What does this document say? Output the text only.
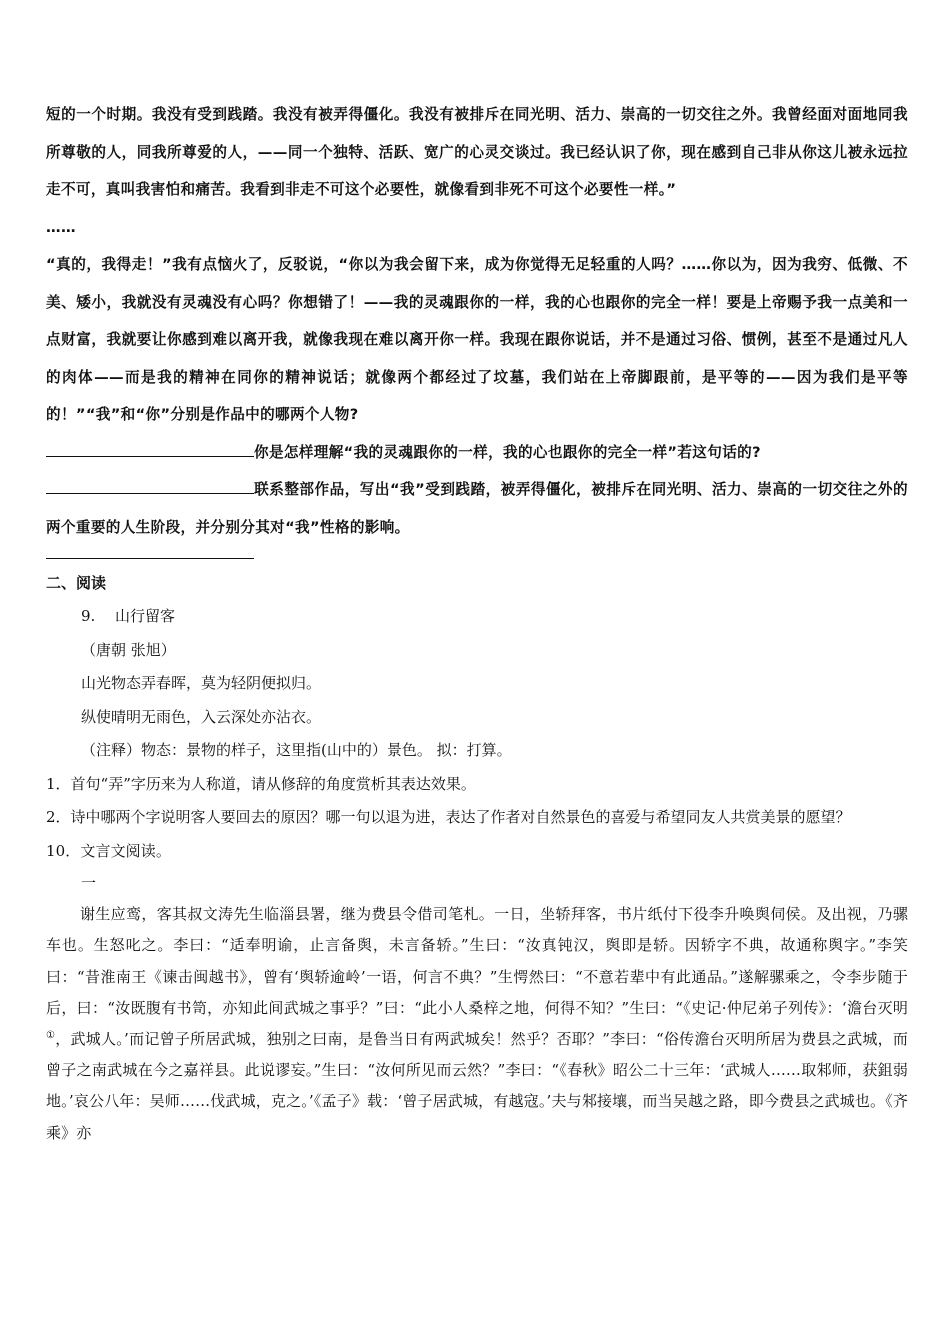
短的一个时期。我没有受到践踏。我没有被弄得僵化。我没有被排斥在同光明、活力、崇高的一切交往之外。我曾经面对面地同我所尊敬的人，同我所尊爱的人，——同一个独特、活跃、宽广的心灵交谈过。我已经认识了你，现在感到自己非从你这儿被永远拉走不可，真叫我害怕和痛苦。我看到非走不可这个必要性，就像看到非死不可这个必要性一样。”

……

“真的，我得走！”我有点恼火了，反驳说，“你以为我会留下来，成为你觉得无足轻重的人吗？……你以为，因为我穷、低微、不美、矮小，我就没有灵魂没有心吗？你想错了！——我的灵魂跟你的一样，我的心也跟你的完全一样！要是上帝赐予我一点美和一点财富，我就要让你感到难以离开我，就像我现在难以离开你一样。我现在跟你说话，并不是通过习俗、惯例，甚至不是通过凡人的肉体——而是我的精神在同你的精神说话；就像两个都经过了坟墓，我们站在上帝脚跟前，是平等的——因为我们是平等的！”“我”和“你”分别是作品中的哪两个人物?

你是怎样理解“我的灵魂跟你的一样，我的心也跟你的完全一样”若这句话的?

联系整部作品，写出“我”受到践踏，被弄得僵化，被排斥在同光明、活力、崇高的一切交往之外的两个重要的人生阶段，并分别分其对“我”性格的影响。

二、阅读

9. 山行留客

（唐朝 张旭）

山光物态弄春晖，莫为轻阴便拟归。

纵使晴明无雨色，入云深处亦沾衣。

（注释）物态：景物的样子，这里指(山中的）景色。 拟：打算。

1．首句“弄”字历来为人称道，请从修辞的角度赏析其表达效果。

2．诗中哪两个字说明客人要回去的原因？哪一句以退为进，表达了作者对自然景色的喜爱与希望同友人共赏美景的愿望？

10．文言文阅读。

一

谢生应鸾，客其叔文涛先生临淄县署，继为费县令借司笔札。一日，坐轿拜客，书片纸付下役李升唤舆伺侯。及出视，乃骡车也。生怒叱之。李曰：“适奉明谕，止言备舆，未言备轿。”生曰：“汝真钝汉，舆即是轿。因轿字不典，故通称舆字。”李笑曰：“昔淮南王《谏击闽越书》，曾有‘舆轿逾岭’一语，何言不典？”生愕然曰：“不意若辈中有此通品。”遂解骡乘之，令李步随于后，曰：“汝既腹有书笥，亦知此间武城之事乎？”曰：“此小人桑梓之地，何得不知？”生曰：“《史记·仲尼弟子列传》：‘澹台灭明①，武城人。’而记曾子所居武城，独别之曰南，是鲁当日有两武城矣！然乎？否耶？”李曰：“俗传澹台灭明所居为费县之武城，而曾子之南武城在今之嘉祥县。此说谬妄。”生曰：“汝何所见而云然？”李曰：“《春秋》昭公二十三年：‘武城人……取邾师，获鉏弱地。’哀公八年：吴师……伐武城，克之。’《孟子》载：‘曾子居武城，有越寇。’夫与邾接壤，而当吴越之路，即今费县之武城也。《齐乘》亦
